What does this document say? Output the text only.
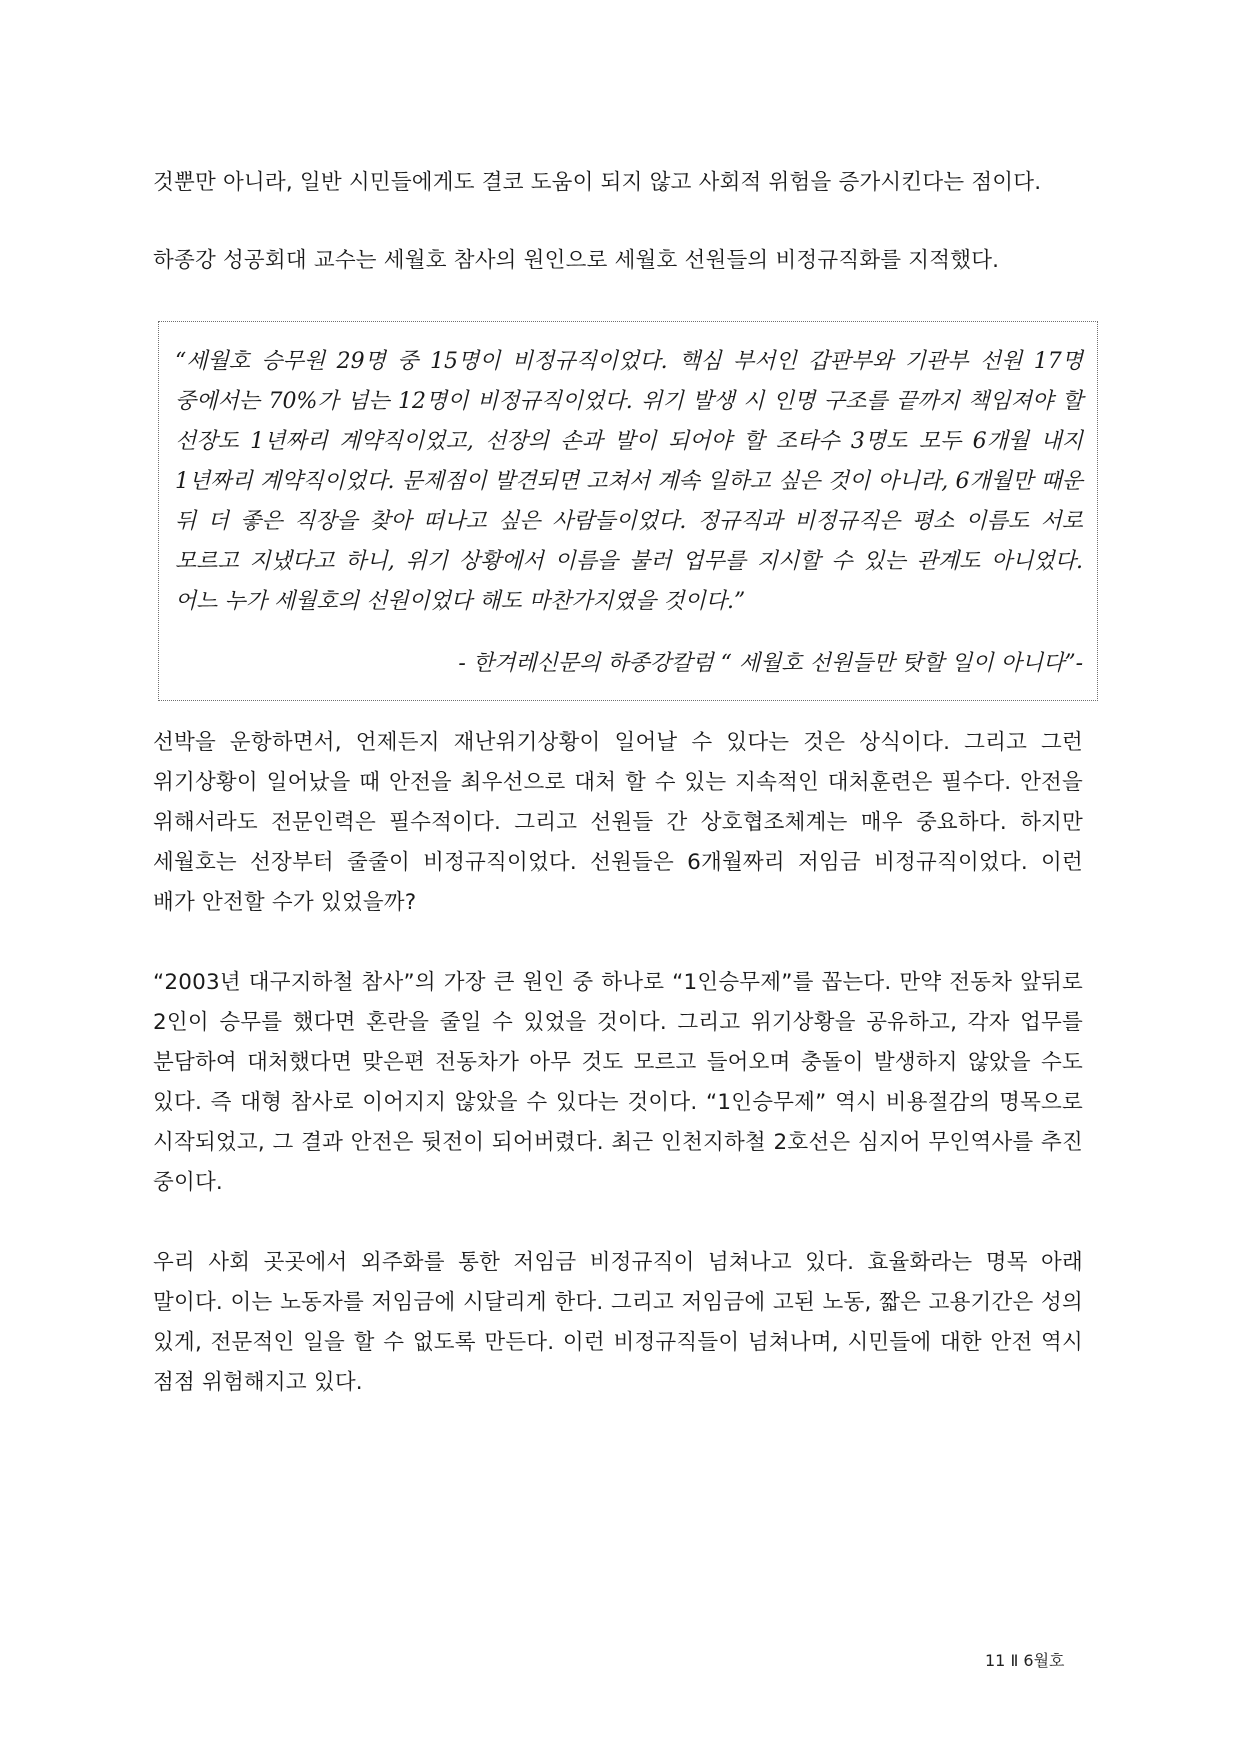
것뿐만 아니라, 일반 시민들에게도 결코 도움이 되지 않고 사회적 위험을 증가시킨다는 점이다.

하종강 성공회대 교수는 세월호 참사의 원인으로 세월호 선원들의 비정규직화를 지적했다.

“세월호 승무원 29명 중 15명이 비정규직이었다. 핵심 부서인 갑판부와 기관부 선원 17명 중에서는 70%가 넘는 12명이 비정규직이었다. 위기 발생 시 인명 구조를 끝까지 책임져야 할 선장도 1년짜리 계약직이었고, 선장의 손과 발이 되어야 할 조타수 3명도 모두 6개월 내지 1년짜리 계약직이었다. 문제점이 발견되면 고쳐서 계속 일하고 싶은 것이 아니라, 6개월만 때운 뒤 더 좋은 직장을 찾아 떠나고 싶은 사람들이었다. 정규직과 비정규직은 평소 이름도 서로 모르고 지냈다고 하니, 위기 상황에서 이름을 불러 업무를 지시할 수 있는 관계도 아니었다. 어느 누가 세월호의 선원이었다 해도 마찬가지였을 것이다.”

- 한겨레신문의 하종강칼럼 “ 세월호 선원들만 탓할 일이 아니다”-

선박을 운항하면서, 언제든지 재난위기상황이 일어날 수 있다는 것은 상식이다. 그리고 그런 위기상황이 일어났을 때 안전을 최우선으로 대처 할 수 있는 지속적인 대처훈련은 필수다. 안전을 위해서라도 전문인력은 필수적이다. 그리고 선원들 간 상호협조체계는 매우 중요하다. 하지만 세월호는 선장부터 줄줄이 비정규직이었다. 선원들은 6개월짜리 저임금 비정규직이었다. 이런 배가 안전할 수가 있었을까?

“2003년 대구지하철 참사”의 가장 큰 원인 중 하나로 “1인승무제”를 꼽는다. 만약 전동차 앞뒤로 2인이 승무를 했다면 혼란을 줄일 수 있었을 것이다. 그리고 위기상황을 공유하고, 각자 업무를 분담하여 대처했다면 맞은편 전동차가 아무 것도 모르고 들어오며 충돌이 발생하지 않았을 수도 있다. 즉 대형 참사로 이어지지 않았을 수 있다는 것이다. “1인승무제” 역시 비용절감의 명목으로 시작되었고, 그 결과 안전은 뒷전이 되어버렸다. 최근 인천지하철 2호선은 심지어 무인역사를 추진 중이다.

우리 사회 곳곳에서 외주화를 통한 저임금 비정규직이 넘쳐나고 있다. 효율화라는 명목 아래 말이다. 이는 노동자를 저임금에 시달리게 한다. 그리고 저임금에 고된 노동, 짧은 고용기간은 성의 있게, 전문적인 일을 할 수 없도록 만든다. 이런 비정규직들이 넘쳐나며, 시민들에 대한 안전 역시 점점 위험해지고 있다.

11 Ⅱ 6월호
